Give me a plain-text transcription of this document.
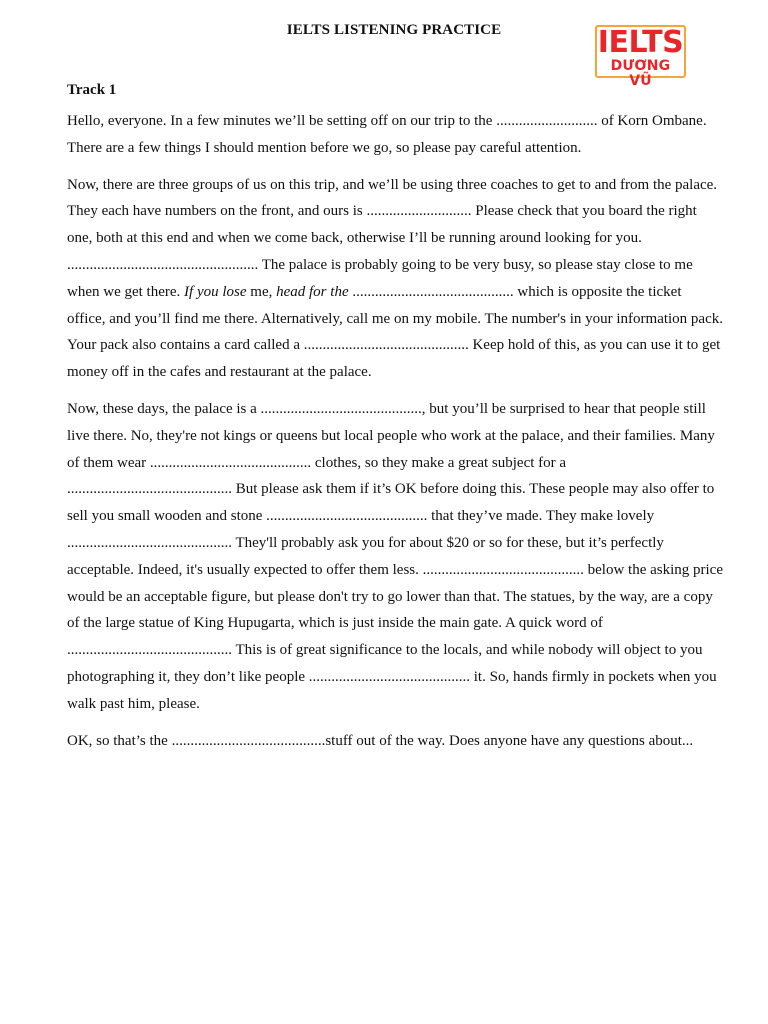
IELTS LISTENING PRACTICE	IELTS
DƯƠNG VŨ
Track 1

Hello, everyone. In a few minutes we’ll be setting off on our trip to the ........................... of Korn Ombane. There are a few things I should mention before we go, so please pay careful attention.

Now, there are three groups of us on this trip, and we’ll be using three coaches to get to and from the palace. They each have numbers on the front, and ours is ............................ Please check that you board the right one, both at this end and when we come back, otherwise I’ll be running around looking for you. ................................................... The palace is probably going to be very busy, so please stay close to me when we get there. If you lose me, head for the ........................................... which is opposite the ticket office, and you’ll find me there. Alternatively, call me on my mobile. The number's in your information pack. Your pack also contains a card called a ............................................ Keep hold of this, as you can use it to get money off in the cafes and restaurant at the palace.

Now, these days, the palace is a ..........................................., but you’ll be surprised to hear that people still live there. No, they're not kings or queens but local people who work at the palace, and their families. Many of them wear ........................................... clothes, so they make a great subject for a ............................................ But please ask them if it’s OK before doing this. These people may also offer to sell you small wooden and stone ........................................... that they’ve made. They make lovely ............................................ They'll probably ask you for about $20 or so for these, but it’s perfectly acceptable. Indeed, it's usually expected to offer them less. ........................................... below the asking price would be an acceptable figure, but please don't try to go lower than that. The statues, by the way, are a copy of the large statue of King Hupugarta, which is just inside the main gate. A quick word of ............................................ This is of great significance to the locals, and while nobody will object to you photographing it, they don’t like people ........................................... it. So, hands firmly in pockets when you walk past him, please.

OK, so that’s the .........................................stuff out of the way. Does anyone have any questions about...
